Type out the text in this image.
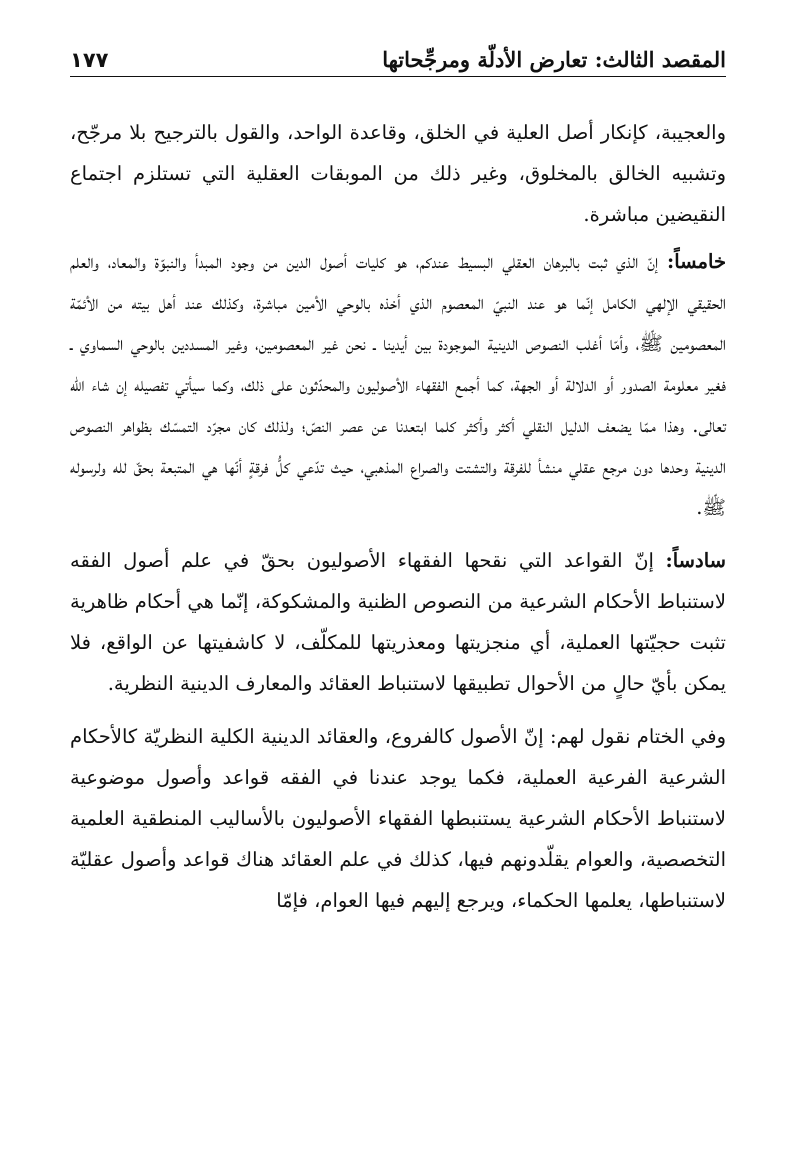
المقصد الثالث: تعارض الأدلّة ومرجِّحاتها
١٧٧

والعجيبة، كإنكار أصل العلية في الخلق، وقاعدة الواحد، والقول بالترجيح بلا مرجّح، وتشبيه الخالق بالمخلوق، وغير ذلك من الموبقات العقلية التي تستلزم اجتماع النقيضين مباشرة.

خامساً: إنّ الذي ثبت بالبرهان العقلي البسيط عندكم، هو كليات أصول الدين من وجود المبدأ والنبوّة والمعاد، والعلم الحقيقي الإلهي الكامل إنّما هو عند النبيّ المعصوم الذي أخذه بالوحي الأمين مباشرة، وكذلك عند أهل بيته من الأئمّة المعصومين ﷺ، وأمّا أغلب النصوص الدينية الموجودة بين أيدينا ـ نحن غير المعصومين، وغير المسددين بالوحي السماوي ـ فغير معلومة الصدور أو الدلالة أو الجهة، كما أجمع الفقهاء الأصوليون والمحدّثون على ذلك، وكما سيأتي تفصيله إن شاء الله تعالى. وهذا ممّا يضعف الدليل النقلي أكثر وأكثر كلما ابتعدنا عن عصر النصّ؛ ولذلك كان مجرّد التمسّك بظواهر النصوص الدينية وحدها دون مرجع عقلي منشأ للفرقة والتشتت والصراع المذهبي، حيث تدّعي كلُّ فرقةٍ أنّها هي المتبعة بحقّ لله ولرسوله ﷺ.

سادساً: إنّ القواعد التي نقحها الفقهاء الأصوليون بحقّ في علم أصول الفقه لاستنباط الأحكام الشرعية من النصوص الظنية والمشكوكة، إنّما هي أحكام ظاهرية تثبت حجيّتها العملية، أي منجزيتها ومعذريتها للمكلّف، لا كاشفيتها عن الواقع، فلا يمكن بأيّ حالٍ من الأحوال تطبيقها لاستنباط العقائد والمعارف الدينية النظرية.

وفي الختام نقول لهم: إنّ الأصول كالفروع، والعقائد الدينية الكلية النظريّة كالأحكام الشرعية الفرعية العملية، فكما يوجد عندنا في الفقه قواعد وأصول موضوعية لاستنباط الأحكام الشرعية يستنبطها الفقهاء الأصوليون بالأساليب المنطقية العلمية التخصصية، والعوام يقلّدونهم فيها، كذلك في علم العقائد هناك قواعد وأصول عقليّة لاستنباطها، يعلمها الحكماء، ويرجع إليهم فيها العوام، فإمّا
